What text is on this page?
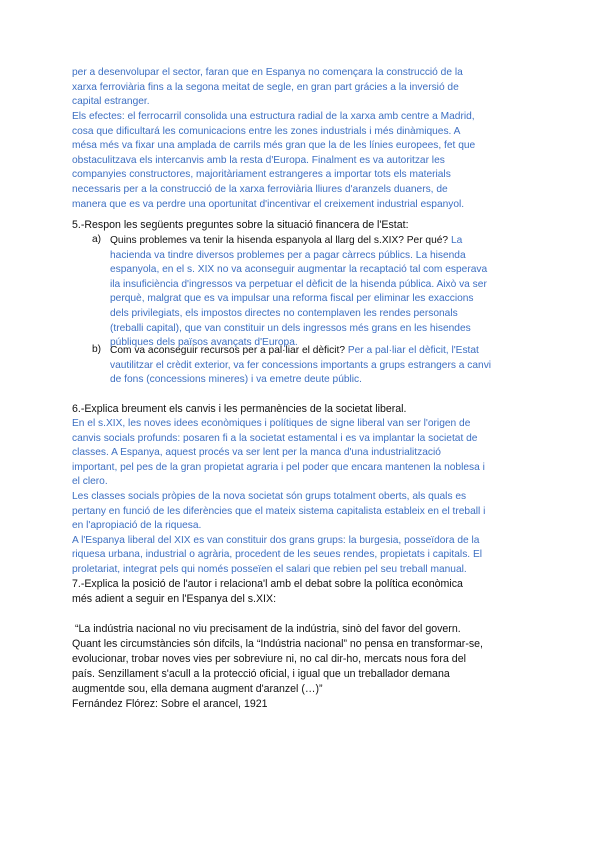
per a desenvolupar el sector, faran que en Espanya no començara la construcció de la
xarxa ferroviària fins a la segona meitat de segle, en gran part grácies a la inversió de
capital estranger.
Els efectes: el ferrocarril consolida una estructura radial de la xarxa amb centre a Madrid,
cosa que dificultará les comunicacions entre les zones industrials i més dinàmiques. A
mésa més va fixar una amplada de carrils més gran que la de les línies europees, fet que
obstaculitzava els intercanvis amb la resta d'Europa. Finalment es va autoritzar les
companyies constructores, majoritàriament estrangeres a importar tots els materials
necessaris per a la construcció de la xarxa ferroviària lliures d'aranzels duaners, de
manera que es va perdre una oportunitat d'incentivar el creixement industrial espanyol.
5.-Respon les següents preguntes sobre la situació financera de l'Estat:
a) Quins problemes va tenir la hisenda espanyola al llarg del s.XIX? Per qué? La
hacienda va tindre diversos problemes per a pagar càrrecs públics. La hisenda
espanyola, en el s. XIX no va aconseguir augmentar la recaptació tal com esperava
ila insuficiència d'ingressos va perpetuar el dèficit de la hisenda pública. Això va ser
perquè, malgrat que es va impulsar una reforma fiscal per eliminar les exaccions
dels privilegiats, els impostos directes no contemplaven les rendes personals
(treballi capital), que van constituir un dels ingressos més grans en les hisendes
públiques dels països avançats d'Europa.
b) Com va aconseguir recursos per a pal·liar el dèficit? Per a pal·liar el dèficit, l'Estat
vautilitzar el crèdit exterior, va fer concessions importants a grups estrangers a canvi
de fons (concessions mineres) i va emetre deute públic.
6.-Explica breument els canvis i les permanències de la societat liberal.
En el s.XIX, les noves idees econòmiques i polítiques de signe liberal van ser l'origen de
canvis socials profunds: posaren fi a la societat estamental i es va implantar la societat de
classes. A Espanya, aquest procés va ser lent per la manca d'una industrialització
important, pel pes de la gran propietat agraria i pel poder que encara mantenen la noblesa i
el clero.
Les classes socials pròpies de la nova societat són grups totalment oberts, als quals es
pertany en funció de les diferències que el mateix sistema capitalista estableix en el treball i
en l'apropiació de la riquesa.
A l'Espanya liberal del XIX es van constituir dos grans grups: la burgesia, posseïdora de la
riquesa urbana, industrial o agrària, procedent de les seues rendes, propietats i capitals. El
proletariat, integrat pels qui només posseïen el salari que rebien pel seu treball manual.
7.-Explica la posició de l'autor i relaciona'l amb el debat sobre la política econòmica
més adient a seguir en l'Espanya del s.XIX:
“La indústria nacional no viu precisament de la indústria, sinò del favor del govern.
Quant les circumstàncies són difcils, la “Indústria nacional” no pensa en transformar-se,
evolucionar, trobar noves vies per sobreviure ni, no cal dir-ho, mercats nous fora del
país. Senzillament s'acull a la protecció oficial, i igual que un treballador demana
augmentde sou, ella demana augment d'aranzel (…)”
Fernández Flórez: Sobre el arancel, 1921
